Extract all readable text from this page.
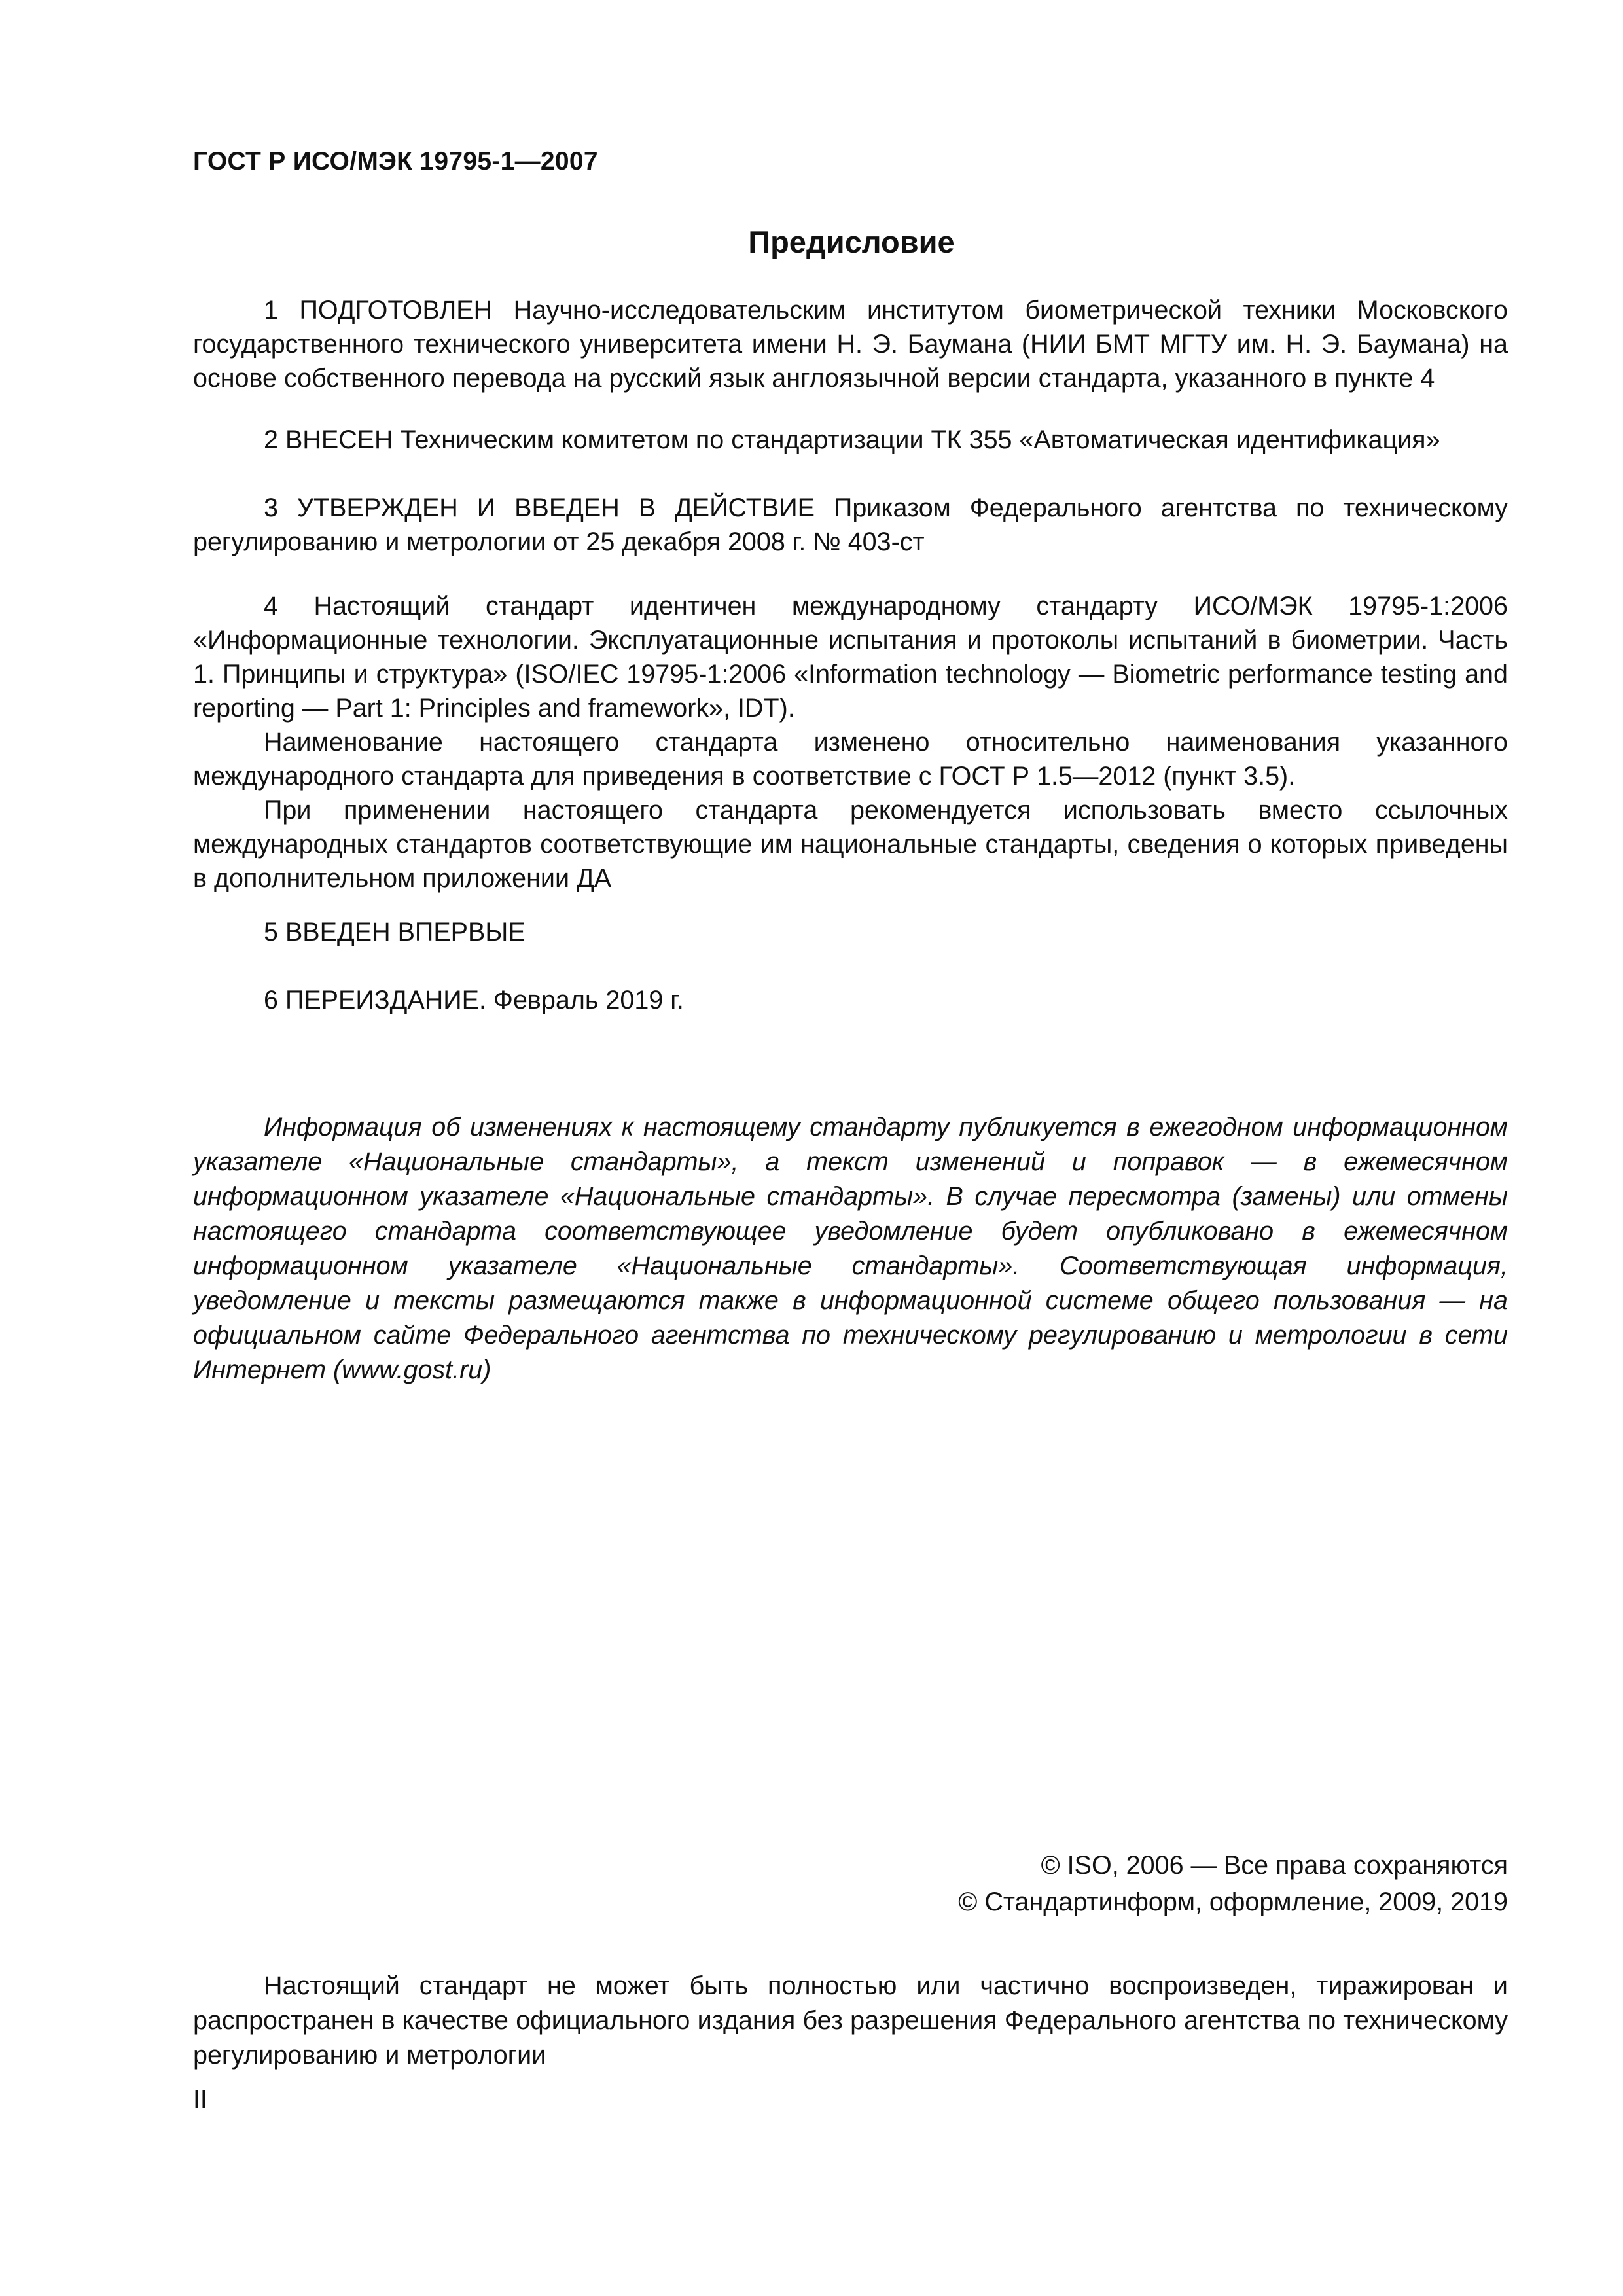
ГОСТ Р ИСО/МЭК 19795-1—2007
Предисловие

1 ПОДГОТОВЛЕН Научно-исследовательским институтом биометрической техники Московского государственного технического университета имени Н. Э. Баумана (НИИ БМТ МГТУ им. Н. Э. Баумана) на основе собственного перевода на русский язык англоязычной версии стандарта, указанного в пункте 4

2 ВНЕСЕН Техническим комитетом по стандартизации ТК 355 «Автоматическая идентификация»

3 УТВЕРЖДЕН И ВВЕДЕН В ДЕЙСТВИЕ Приказом Федерального агентства по техническому регулированию и метрологии от 25 декабря 2008 г. № 403-ст

4 Настоящий стандарт идентичен международному стандарту ИСО/МЭК 19795-1:2006 «Информационные технологии. Эксплуатационные испытания и протоколы испытаний в биометрии. Часть 1. Принципы и структура» (ISO/IEC 19795-1:2006 «Information technology — Biometric performance testing and reporting — Part 1: Principles and framework», IDT).

Наименование настоящего стандарта изменено относительно наименования указанного международного стандарта для приведения в соответствие с ГОСТ Р 1.5—2012 (пункт 3.5).

При применении настоящего стандарта рекомендуется использовать вместо ссылочных международных стандартов соответствующие им национальные стандарты, сведения о которых приведены в дополнительном приложении ДА

5 ВВЕДЕН ВПЕРВЫЕ

6 ПЕРЕИЗДАНИЕ. Февраль 2019 г.

Информация об изменениях к настоящему стандарту публикуется в ежегодном информационном указателе «Национальные стандарты», а текст изменений и поправок — в ежемесячном информационном указателе «Национальные стандарты». В случае пересмотра (замены) или отмены настоящего стандарта соответствующее уведомление будет опубликовано в ежемесячном информационном указателе «Национальные стандарты». Соответствующая информация, уведомление и тексты размещаются также в информационной системе общего пользования — на официальном сайте Федерального агентства по техническому регулированию и метрологии в сети Интернет (www.gost.ru)

© ISO, 2006 — Все права сохраняются
© Стандартинформ, оформление, 2009, 2019

Настоящий стандарт не может быть полностью или частично воспроизведен, тиражирован и распространен в качестве официального издания без разрешения Федерального агентства по техническому регулированию и метрологии

II
